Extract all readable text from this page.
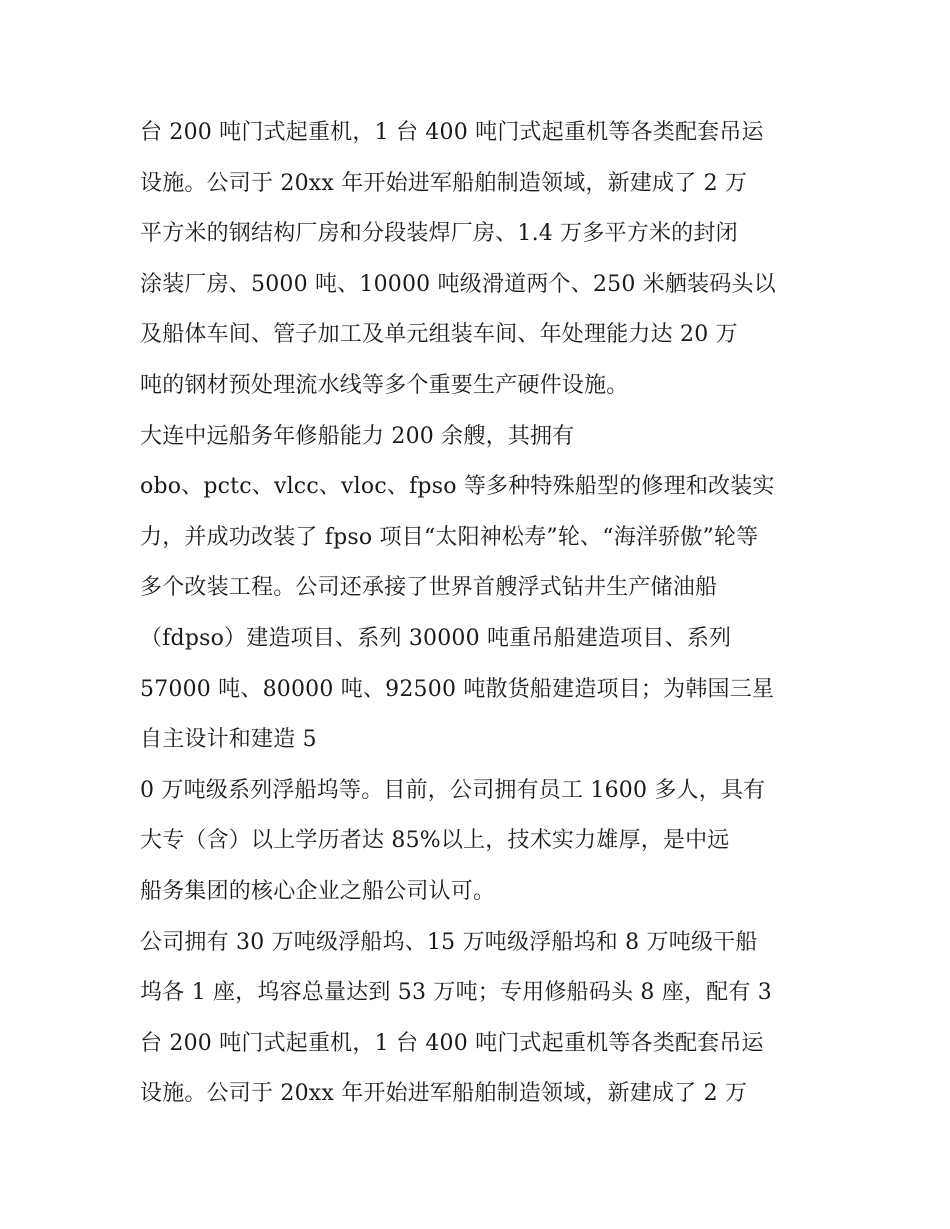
台 200 吨门式起重机，1 台 400 吨门式起重机等各类配套吊运
设施。公司于 20xx 年开始进军船舶制造领域，新建成了 2 万
平方米的钢结构厂房和分段装焊厂房、1.4 万多平方米的封闭
涂装厂房、5000 吨、10000 吨级滑道两个、250 米舾装码头以
及船体车间、管子加工及单元组装车间、年处理能力达 20 万
吨的钢材预处理流水线等多个重要生产硬件设施。
大连中远船务年修船能力 200 余艘，其拥有
obo、pctc、vlcc、vloc、fpso 等多种特殊船型的修理和改装实
力，并成功改装了 fpso 项目“太阳神松寿”轮、“海洋骄傲”轮等
多个改装工程。公司还承接了世界首艘浮式钻井生产储油船
（fdpso）建造项目、系列 30000 吨重吊船建造项目、系列
57000 吨、80000 吨、92500 吨散货船建造项目；为韩国三星
自主设计和建造 5
0 万吨级系列浮船坞等。目前，公司拥有员工 1600 多人，具有
大专（含）以上学历者达 85%以上，技术实力雄厚，是中远
船务集团的核心企业之船公司认可。
公司拥有 30 万吨级浮船坞、15 万吨级浮船坞和 8 万吨级干船
坞各 1 座，坞容总量达到 53 万吨；专用修船码头 8 座，配有 3
台 200 吨门式起重机，1 台 400 吨门式起重机等各类配套吊运
设施。公司于 20xx 年开始进军船舶制造领域，新建成了 2 万
